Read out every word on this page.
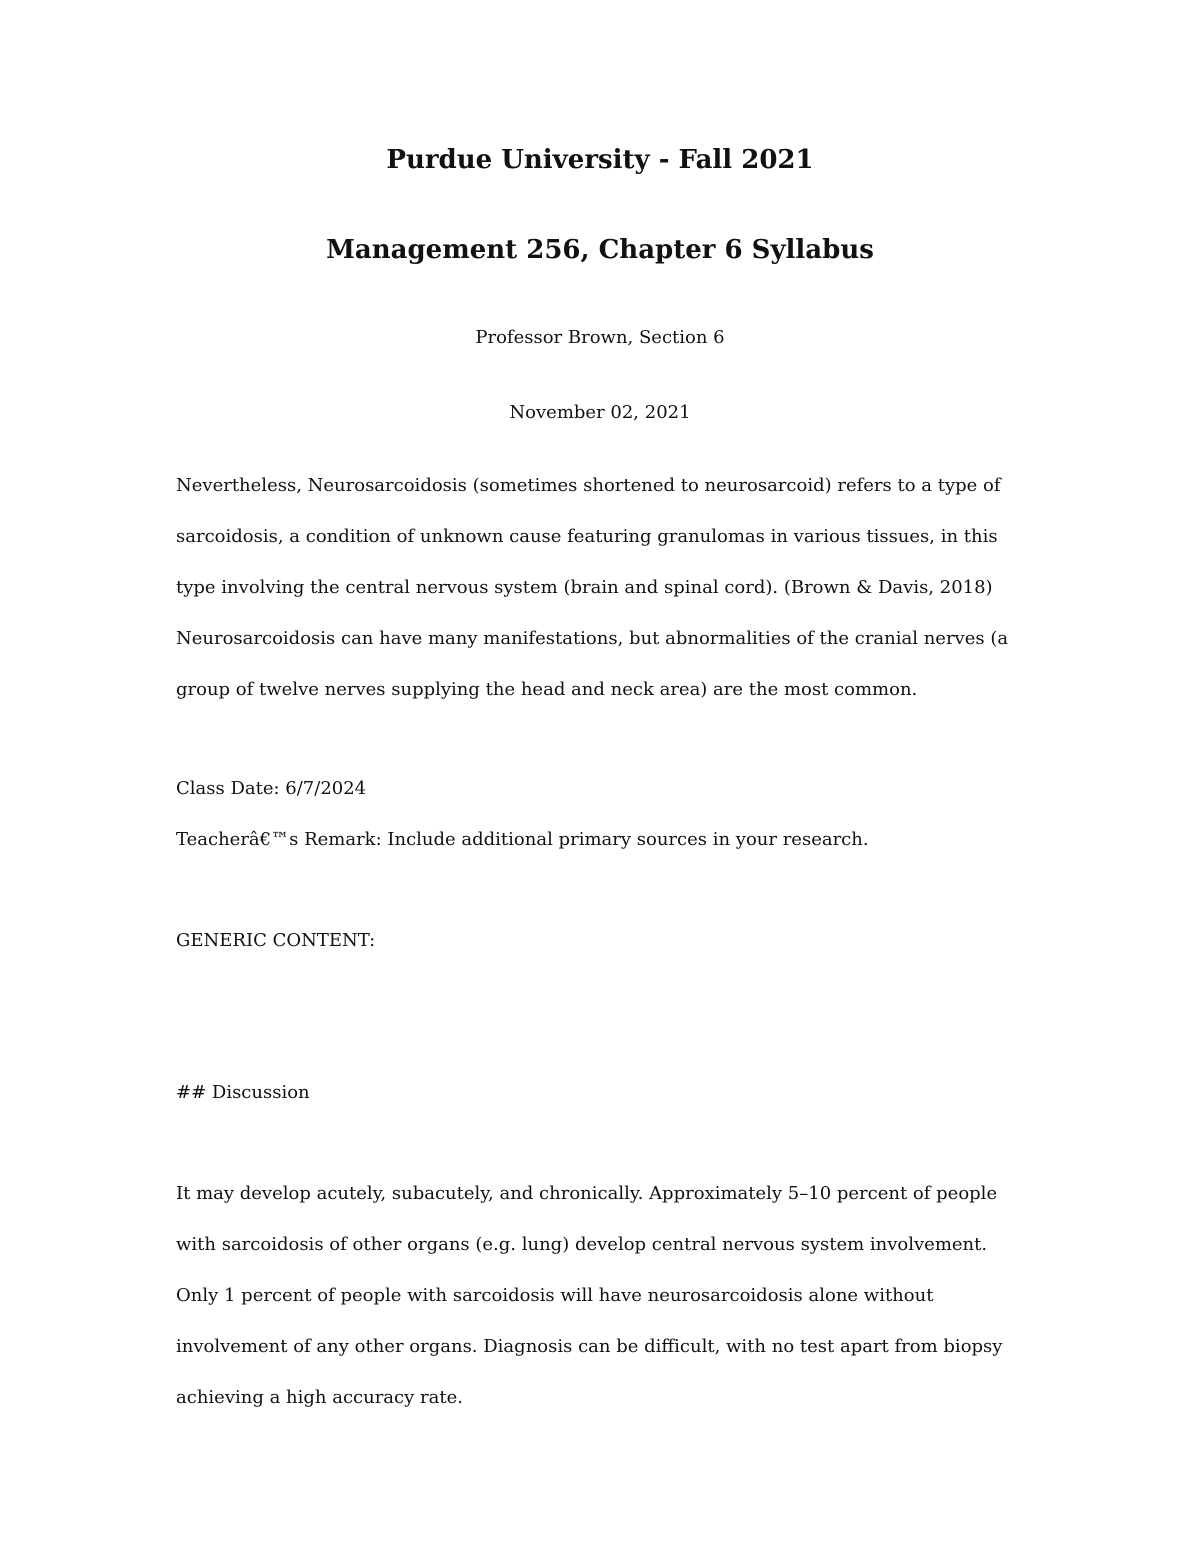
Purdue University - Fall 2021
Management 256, Chapter 6 Syllabus
Professor Brown, Section 6
November 02, 2021
Nevertheless, Neurosarcoidosis (sometimes shortened to neurosarcoid) refers to a type of
sarcoidosis, a condition of unknown cause featuring granulomas in various tissues, in this
type involving the central nervous system (brain and spinal cord). (Brown & Davis, 2018)
Neurosarcoidosis can have many manifestations, but abnormalities of the cranial nerves (a
group of twelve nerves supplying the head and neck area) are the most common.
Class Date: 6/7/2024
Teacherâ€™s Remark: Include additional primary sources in your research.
GENERIC CONTENT:
## Discussion
It may develop acutely, subacutely, and chronically. Approximately 5–10 percent of people
with sarcoidosis of other organs (e.g. lung) develop central nervous system involvement.
Only 1 percent of people with sarcoidosis will have neurosarcoidosis alone without
involvement of any other organs. Diagnosis can be difficult, with no test apart from biopsy
achieving a high accuracy rate.
